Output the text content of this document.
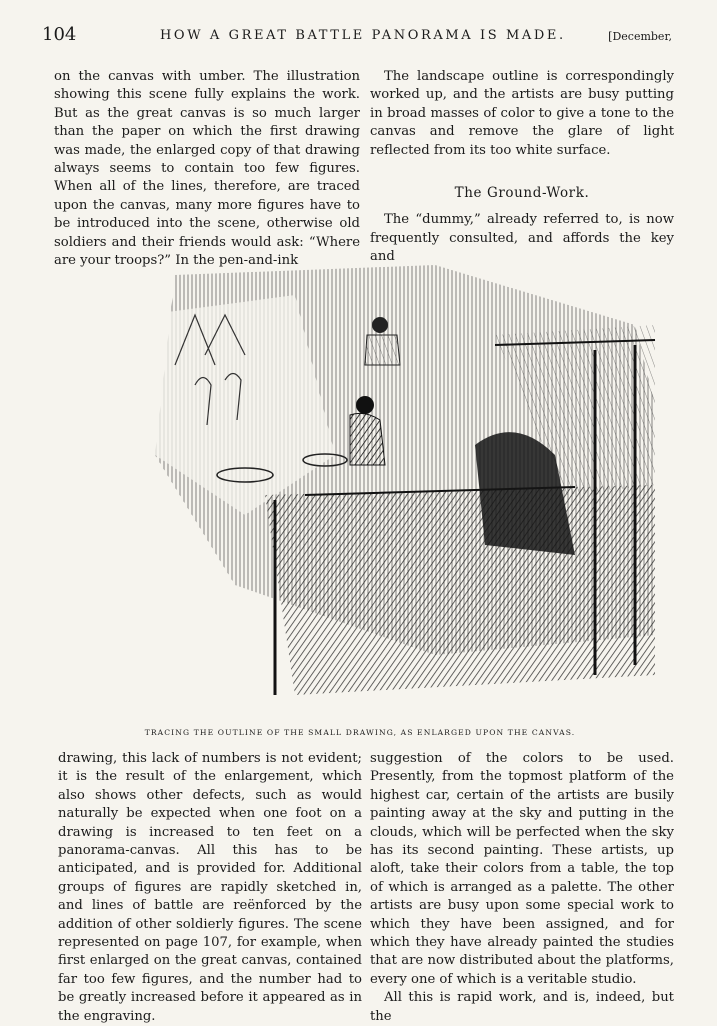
104	HOW A GREAT BATTLE PANORAMA IS MADE.	[December,

on the canvas with umber. The illustration showing this scene fully explains the work. But as the great canvas is so much larger than the paper on which the first drawing was made, the enlarged copy of that drawing always seems to contain too few figures. When all of the lines, therefore, are traced upon the canvas, many more figures have to be introduced into the scene, otherwise old soldiers and their friends would ask: “Where are your troops?” In the pen-and-ink

The landscape outline is correspondingly worked up, and the artists are busy putting in broad masses of color to give a tone to the canvas and remove the glare of light reflected from its too white surface.

The Ground-Work.

The “dummy,” already referred to, is now frequently consulted, and affords the key and

TRACING THE OUTLINE OF THE SMALL DRAWING, AS ENLARGED UPON THE CANVAS.

drawing, this lack of numbers is not evident; it is the result of the enlargement, which also shows other defects, such as would naturally be expected when one foot on a drawing is increased to ten feet on a panorama-canvas. All this has to be anticipated, and is provided for. Additional groups of figures are rapidly sketched in, and lines of battle are reënforced by the addition of other soldierly figures. The scene represented on page 107, for example, when first enlarged on the great canvas, contained far too few figures, and the number had to be greatly increased before it appeared as in the engraving.

suggestion of the colors to be used. Presently, from the topmost platform of the highest car, certain of the artists are busily painting away at the sky and putting in the clouds, which will be perfected when the sky has its second painting. These artists, up aloft, take their colors from a table, the top of which is arranged as a palette. The other artists are busy upon some special work to which they have been assigned, and for which they have already painted the studies that are now distributed about the platforms, every one of which is a veritable studio.

All this is rapid work, and is, indeed, but the
